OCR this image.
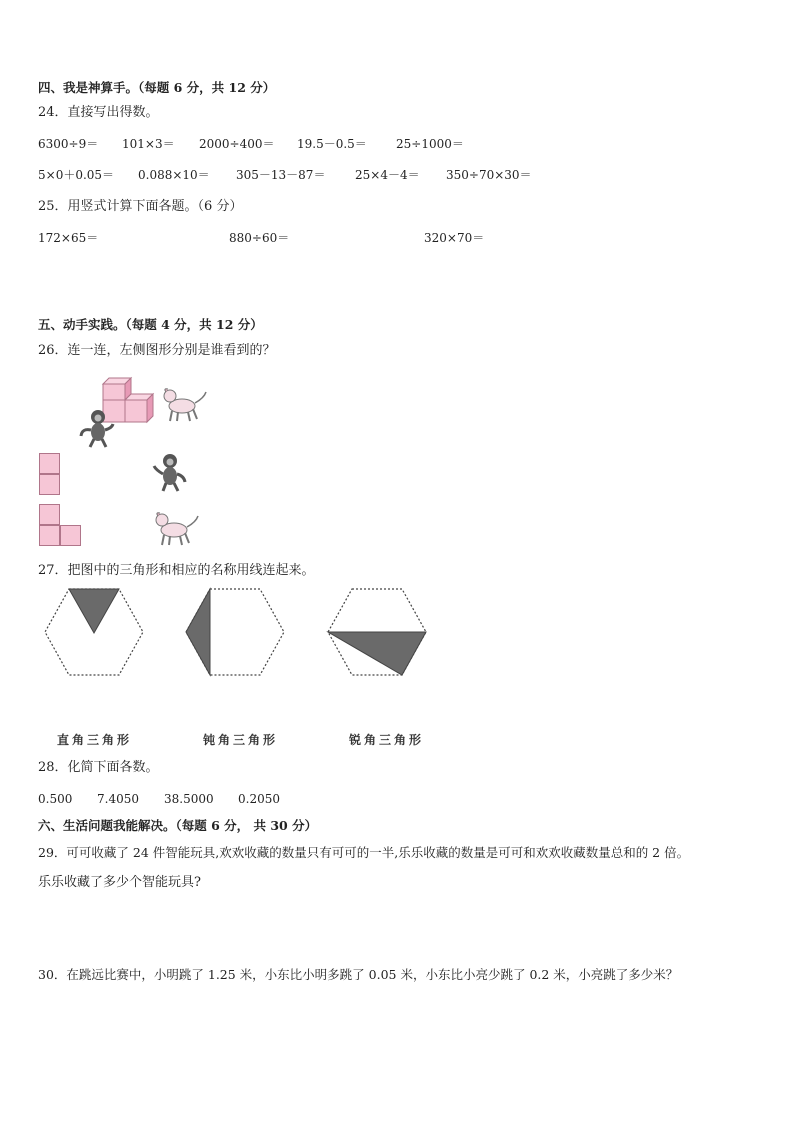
四、我是神算手。（每题 6 分，共 12 分）
24．直接写出得数。
6300÷9＝ 101×3＝ 2000÷400＝ 19.5－0.5＝ 25÷1000＝
5×0＋0.05＝ 0.088×10＝ 305－13－87＝ 25×4－4＝ 350÷70×30＝
25．用竖式计算下面各题。（6 分）
172×65＝	880÷60＝	320×70＝
五、动手实践。（每题 4 分，共 12 分）
26．连一连，左侧图形分别是谁看到的？
27．把图中的三角形和相应的名称用线连起来。
直角三角形	钝角三角形	锐角三角形
28．化简下面各数。
0.500 7.4050 38.5000 0.2050
六、生活问题我能解决。（每题 6 分， 共 30 分）
29．可可收藏了 24 件智能玩具,欢欢收藏的数量只有可可的一半,乐乐收藏的数量是可可和欢欢收藏数量总和的 2 倍。
乐乐收藏了多少个智能玩具?
30．在跳远比赛中，小明跳了 1.25 米，小东比小明多跳了 0.05 米，小东比小亮少跳了 0.2 米，小亮跳了多少米？
